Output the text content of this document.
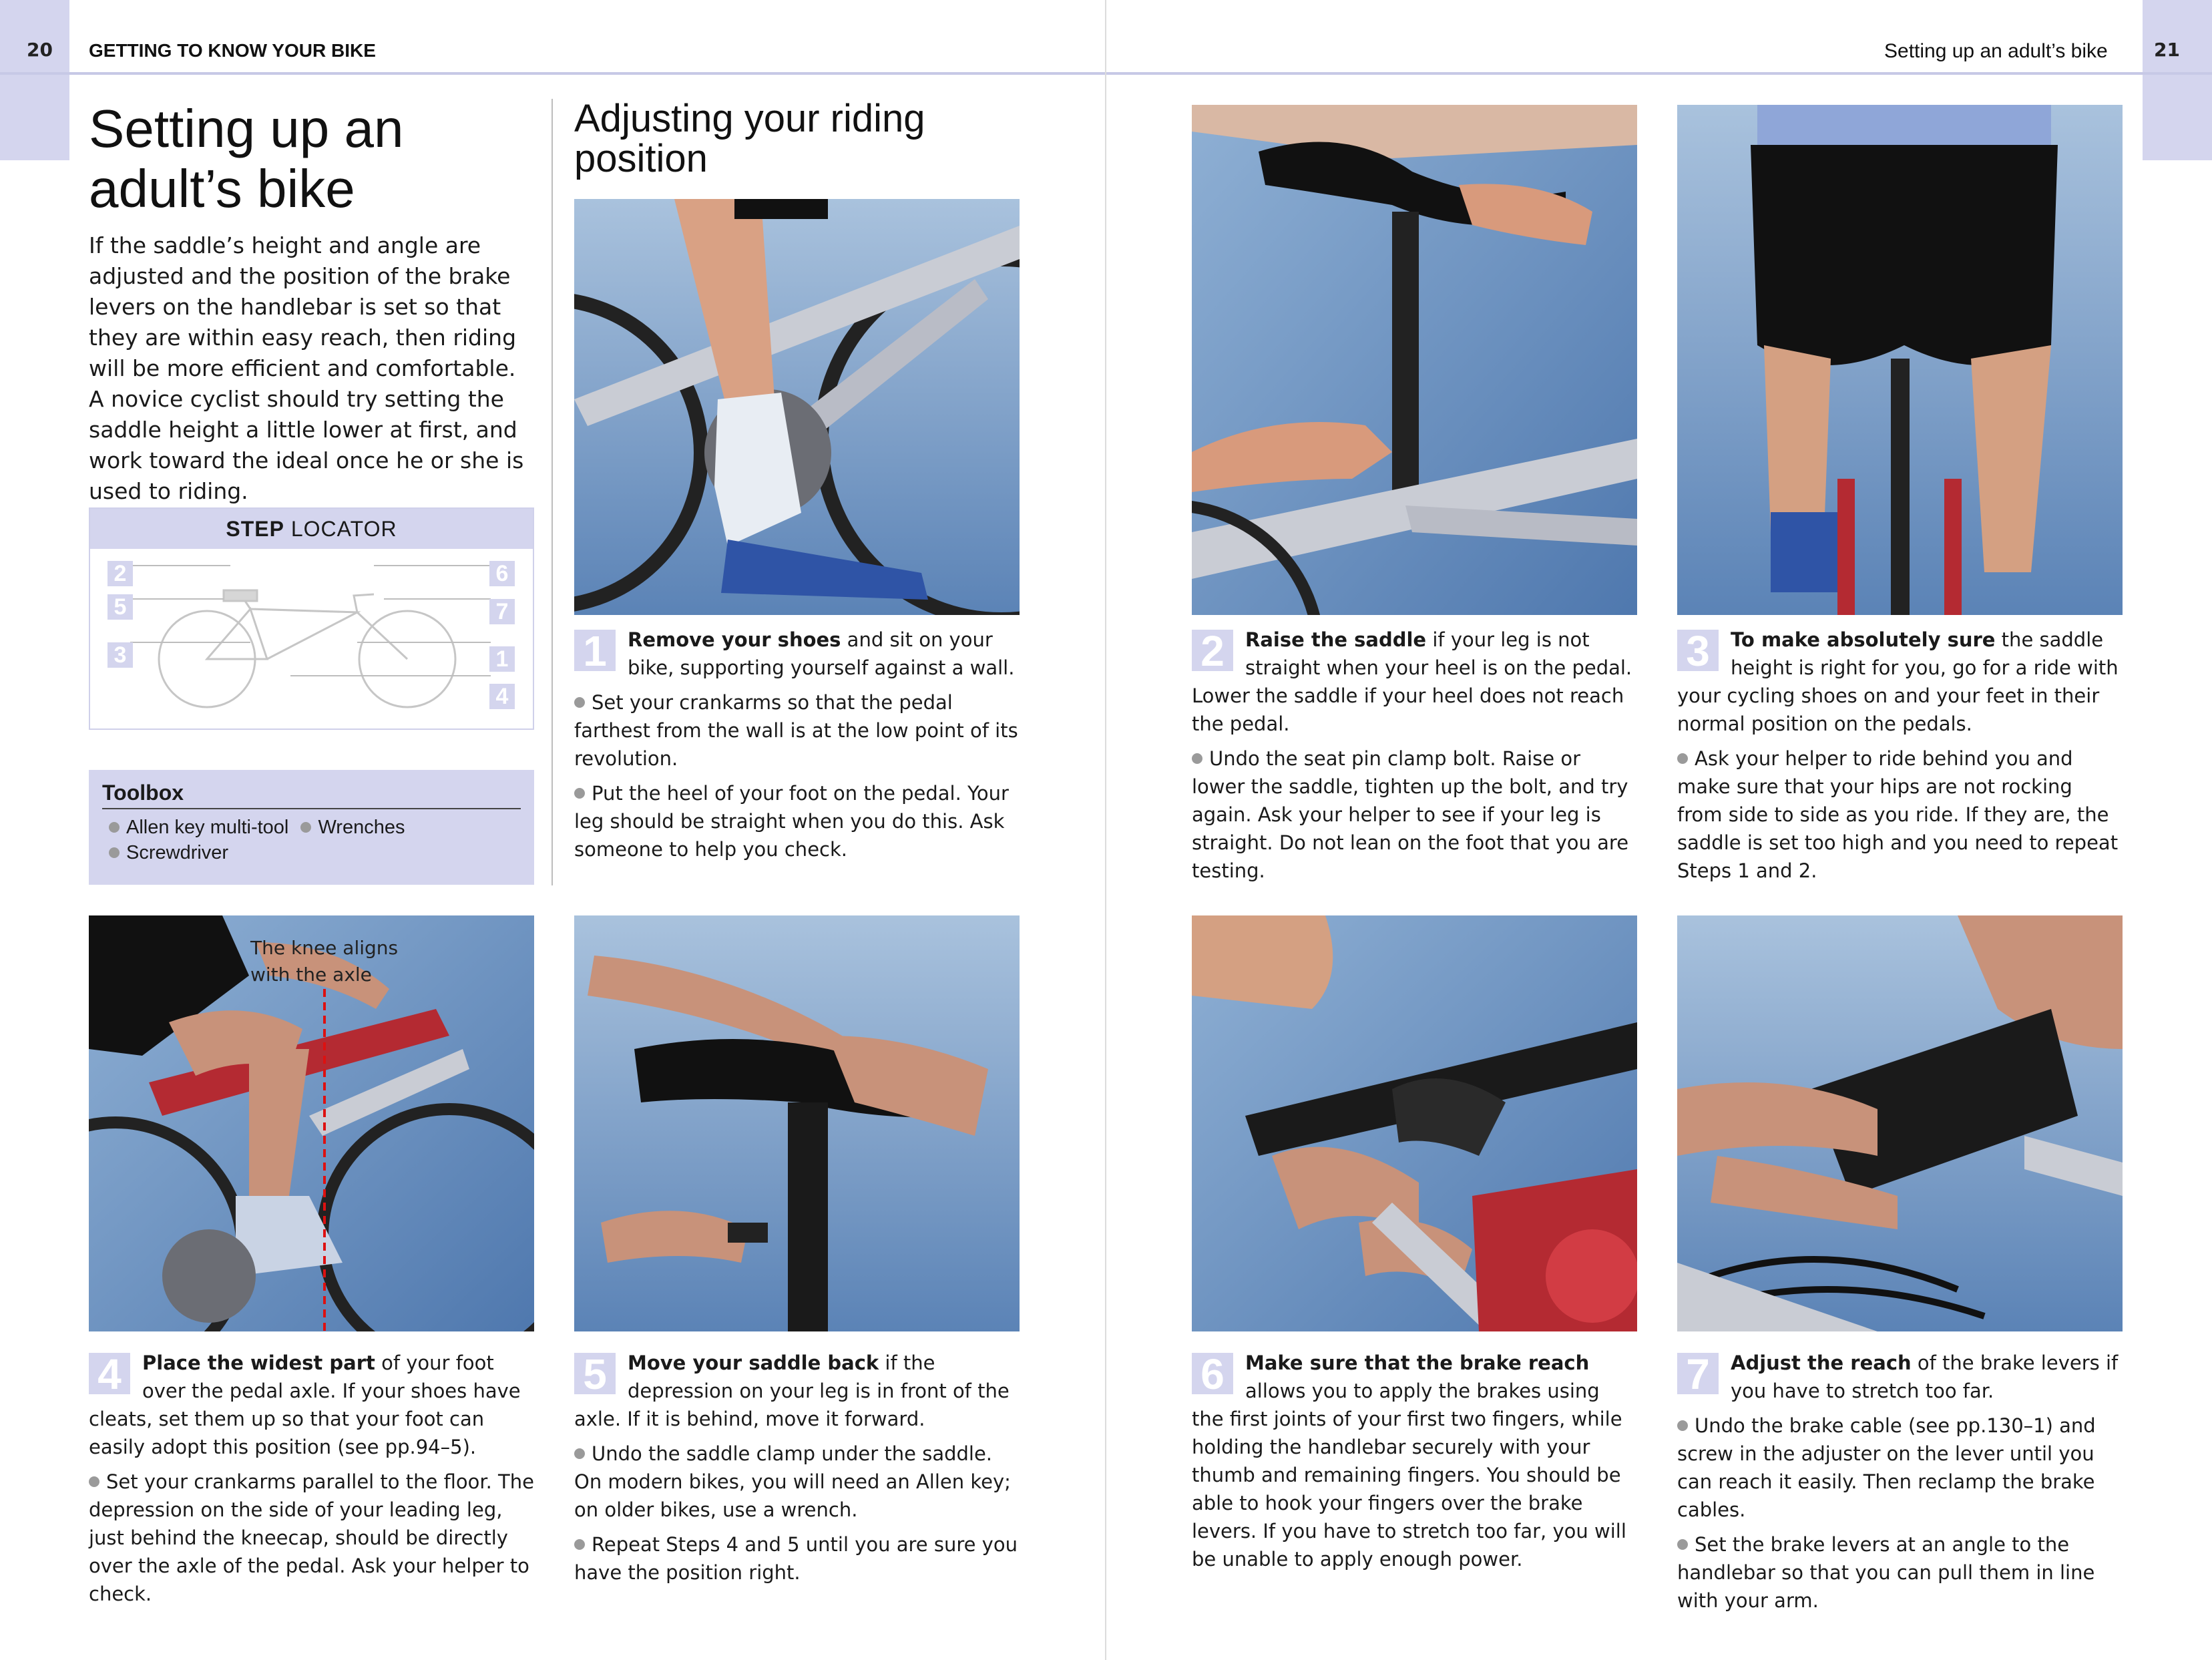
20 GETTING TO KNOW YOUR BIKE	Setting up an adult’s bike 21
Setting up an adult’s bike

If the saddle’s height and angle are adjusted and the position of the brake levers on the handlebar is set so that they are within easy reach, then riding will be more efficient and comfortable. A novice cyclist should try setting the saddle height a little lower at first, and work toward the ideal once he or she is used to riding.

STEP LOCATOR
2
5
3
6
7
1
4
Toolbox
Allen key multi-tool Wrenches
Screwdriver
Adjusting your riding position
The knee aligns with the axle

1	Remove your shoes and sit on your bike, supporting yourself against a wall.

Set your crankarms so that the pedal farthest from the wall is at the low point of its revolution.

Put the heel of your foot on the pedal. Your leg should be straight when you do this. Ask someone to help you check.

2	Raise the saddle if your leg is not straight when your heel is on the pedal. Lower the saddle if your heel does not reach the pedal.

Undo the seat pin clamp bolt. Raise or lower the saddle, tighten up the bolt, and try again. Ask your helper to see if your leg is straight. Do not lean on the foot that you are testing.

3	To make absolutely sure the saddle height is right for you, go for a ride with your cycling shoes on and your feet in their normal position on the pedals.

Ask your helper to ride behind you and make sure that your hips are not rocking from side to side as you ride. If they are, the saddle is set too high and you need to repeat Steps 1 and 2.

4	Place the widest part of your foot over the pedal axle. If your shoes have cleats, set them up so that your foot can easily adopt this position (see pp.94–5).

Set your crankarms parallel to the floor. The depression on the side of your leading leg, just behind the kneecap, should be directly over the axle of the pedal. Ask your helper to check.

5	Move your saddle back if the depression on your leg is in front of the axle. If it is behind, move it forward.

Undo the saddle clamp under the saddle. On modern bikes, you will need an Allen key; on older bikes, use a wrench.

Repeat Steps 4 and 5 until you are sure you have the position right.

6	Make sure that the brake reach allows you to apply the brakes using the first joints of your first two fingers, while holding the handlebar securely with your thumb and remaining fingers. You should be able to hook your fingers over the brake levers. If you have to stretch too far, you will be unable to apply enough power.

7	Adjust the reach of the brake levers if you have to stretch too far.

Undo the brake cable (see pp.130–1) and screw in the adjuster on the lever until you can reach it easily. Then reclamp the brake cables.

Set the brake levers at an angle to the handlebar so that you can pull them in line with your arm.
